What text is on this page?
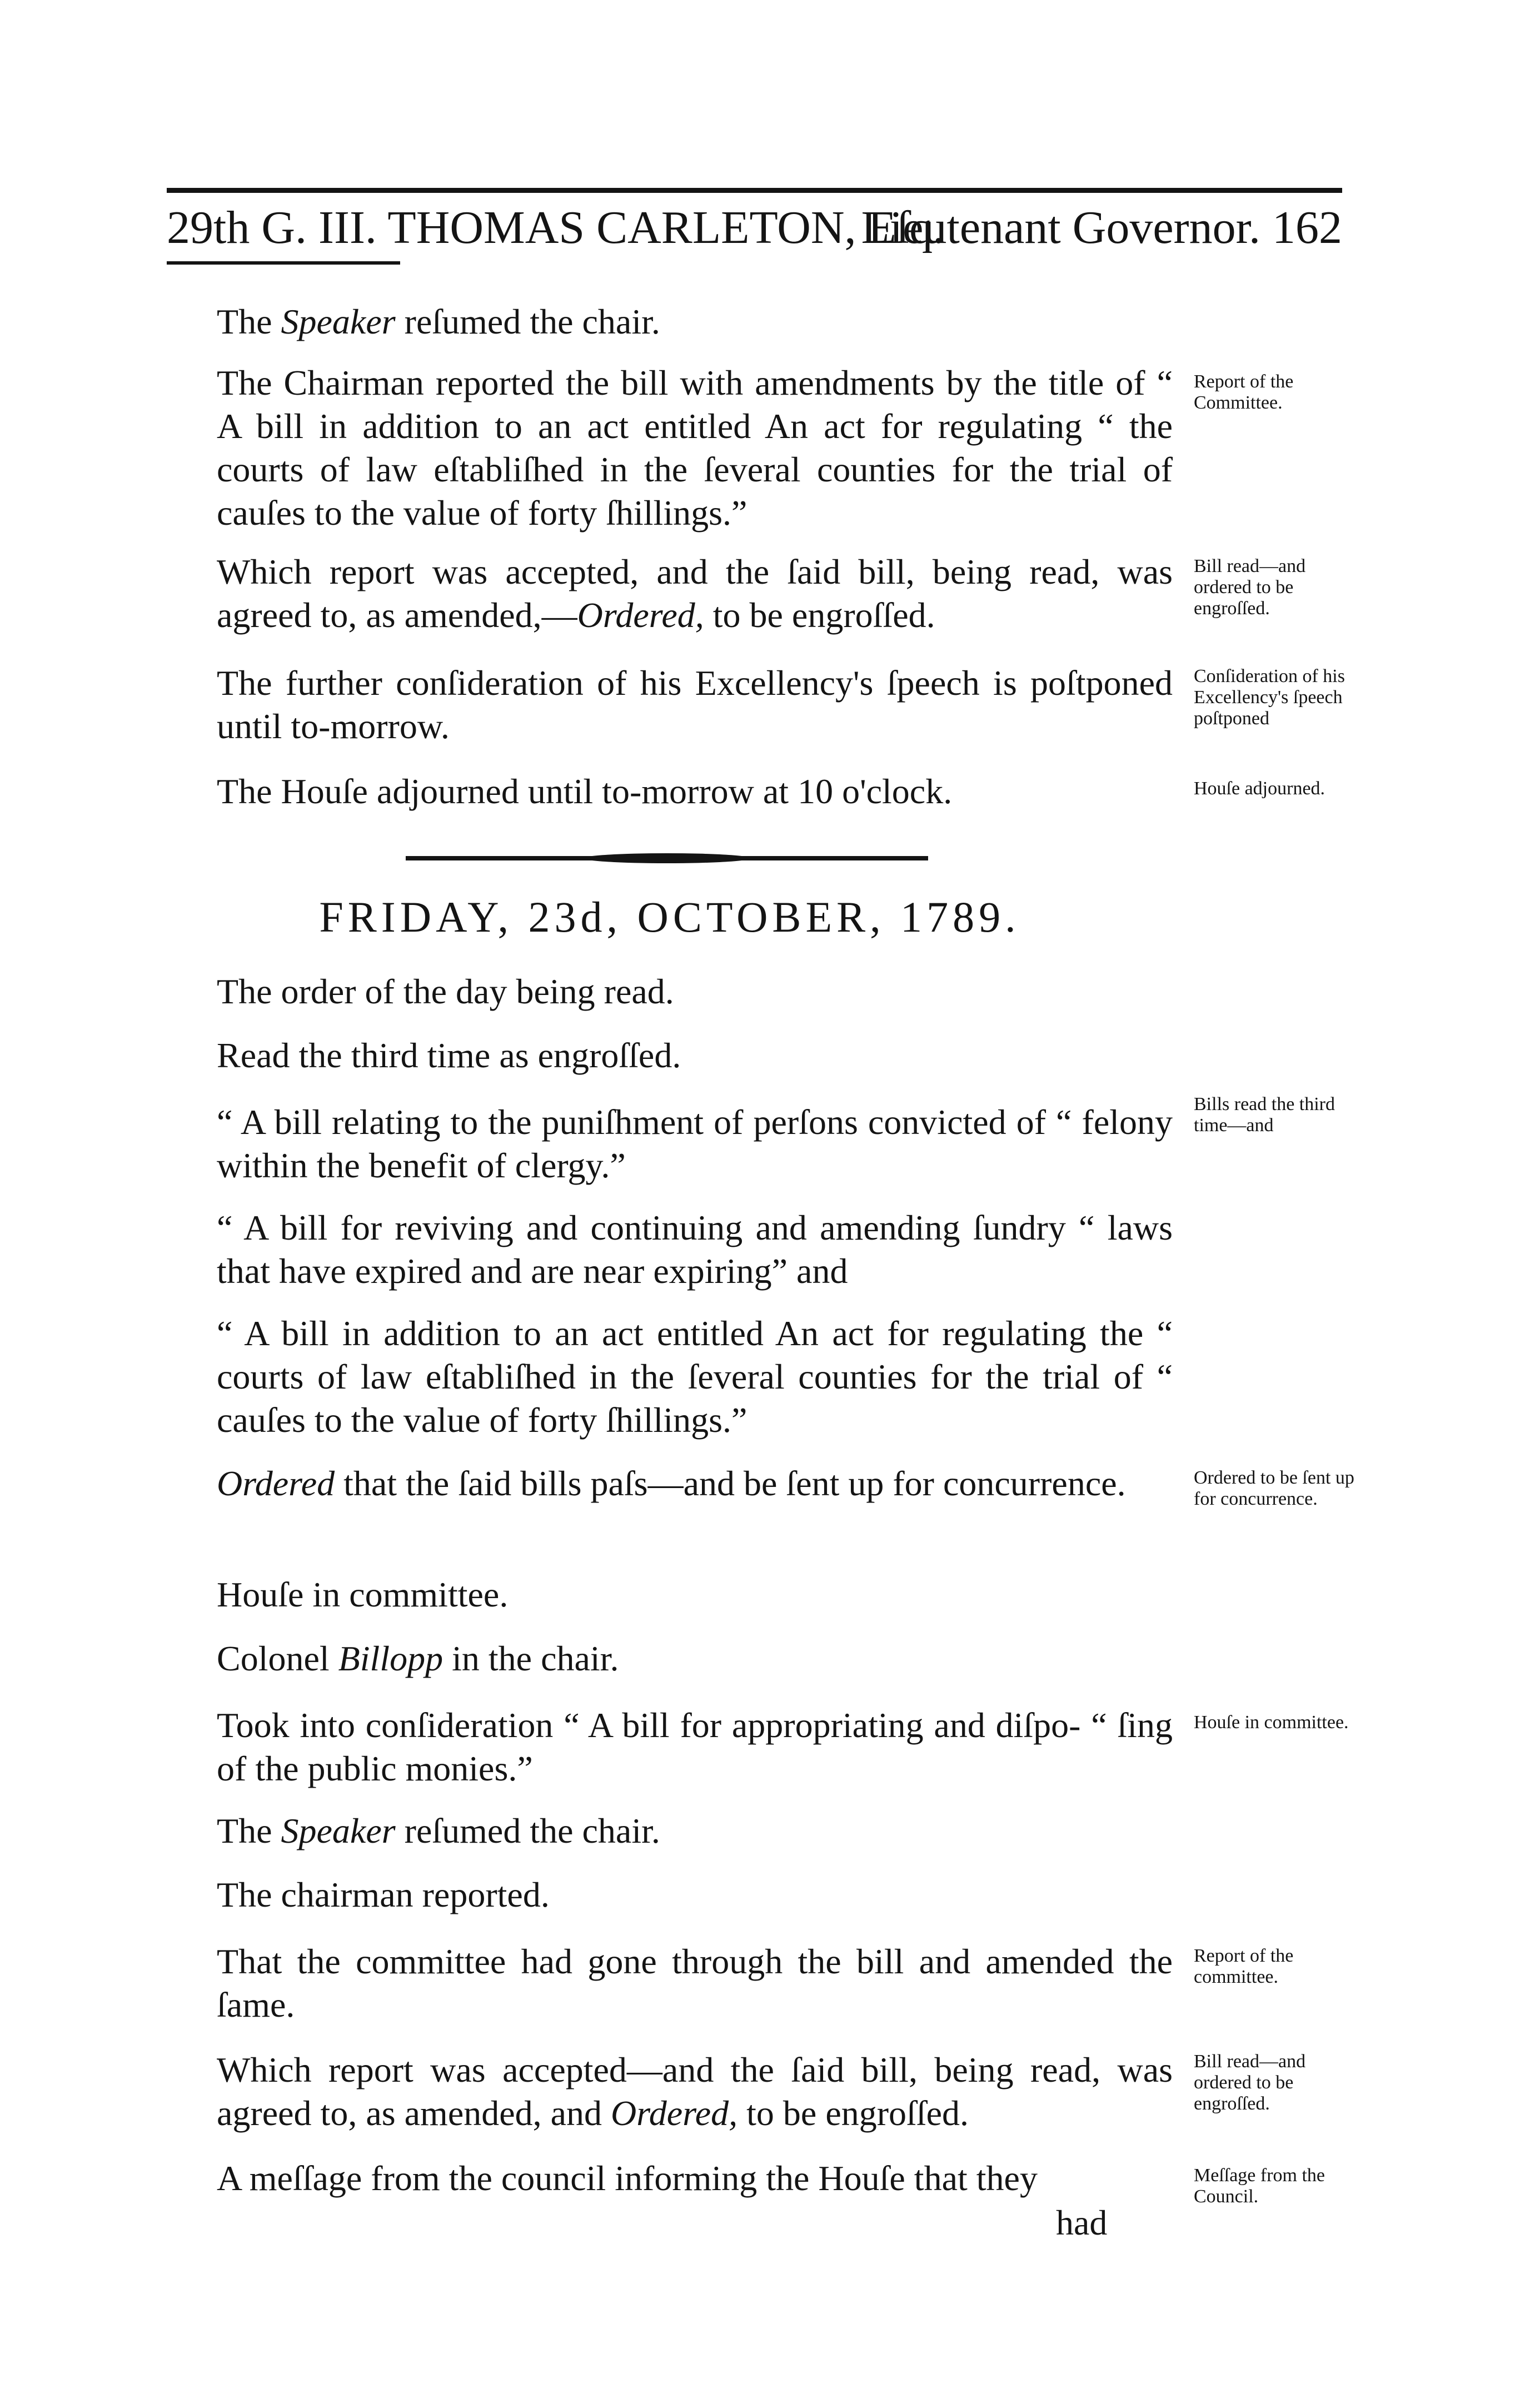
29th G. III. THOMAS CARLETON, Eſq.
Lieutenant Governor. 162
The Speaker reſumed the chair.
The Chairman reported the bill with amendments by the title of “ A bill in addition to an act entitled An act for regulating “ the courts of law eſtabliſhed in the ſeveral counties for the trial of cauſes to the value of forty ſhillings.”
Report of the Committee.
Which report was accepted, and the ſaid bill, being read, was agreed to, as amended,—Ordered, to be engroſſed.
Bill read—and ordered to be engroſſed.
The further conſideration of his Excellency's ſpeech is poſtponed until to-morrow.
Conſideration of his Excellency's ſpeech poſtponed
The Houſe adjourned until to-morrow at 10 o'clock.	Houſe adjourned.
FRIDAY, 23d, OCTOBER, 1789.
The order of the day being read.
Read the third time as engroſſed.
“ A bill relating to the puniſhment of perſons convicted of “ felony within the benefit of clergy.”
Bills read the third time—and
“ A bill for reviving and continuing and amending ſundry “ laws that have expired and are near expiring” and
“ A bill in addition to an act entitled An act for regulating the “ courts of law eſtabliſhed in the ſeveral counties for the trial of “ cauſes to the value of forty ſhillings.”
Ordered that the ſaid bills paſs—and be ſent up for concurrence.	Ordered to be ſent up for concurrence.
Houſe in committee.
Colonel Billopp in the chair.
Took into conſideration “ A bill for appropriating and diſpo- “ ſing of the public monies.”
Houſe in committee.
The Speaker reſumed the chair.
The chairman reported.
That the committee had gone through the bill and amended the ſame.
Report of the committee.
Which report was accepted—and the ſaid bill, being read, was agreed to, as amended, and Ordered, to be engroſſed.
Bill read—and ordered to be engroſſed.
A meſſage from the council informing the Houſe that they	Meſſage from the Council.
had
